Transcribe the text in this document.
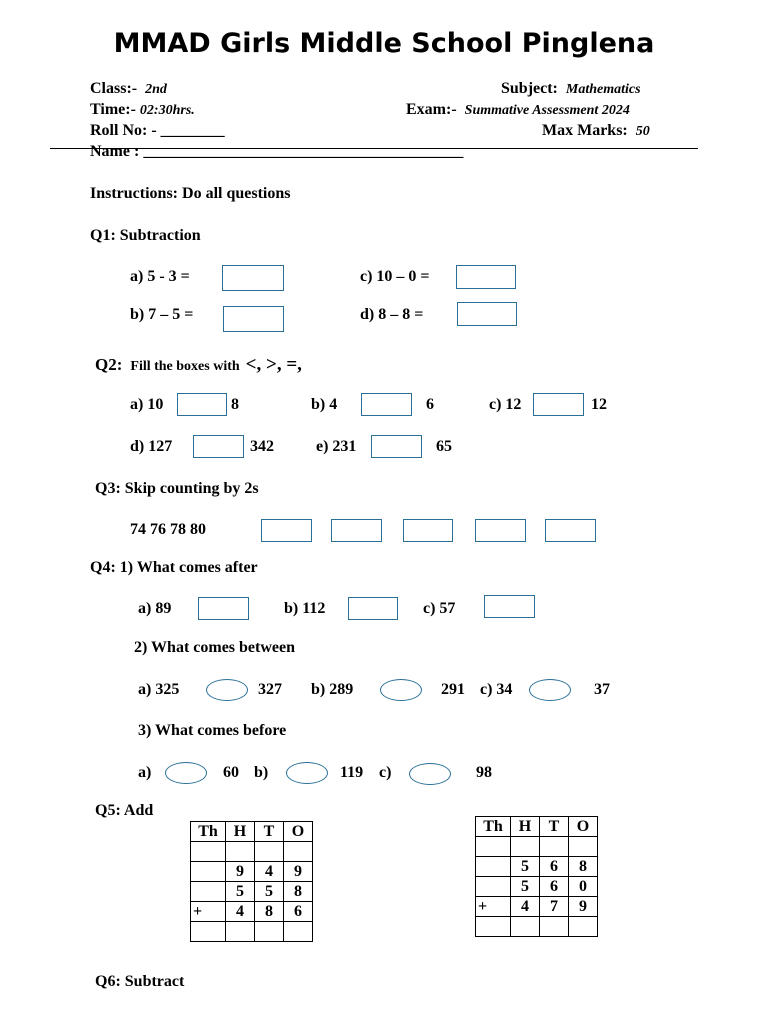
MMAD Girls Middle School Pinglena
Class:- 2nd
Time:- 02:30hrs.
Roll No: - ________
Name : ________________________________________
Subject: Mathematics
Exam:- Summative Assessment 2024
Max Marks: 50
Instructions: Do all questions
Q1: Subtraction
a) 5 - 3 =	c) 10 – 0 =
b) 7 – 5 =	d) 8 – 8 =
Q2: Fill the boxes with <, >, =,
a) 10	8	b) 4	6	c) 12	12
d) 127	342	e) 231	65
Q3: Skip counting by 2s
74 76 78 80
Q4: 1) What comes after
a) 89	b) 112	c) 57
2) What comes between
a) 325	327 b) 289	291 c) 34	37
3) What comes before
a)	60 b)	119 c)	98
Q5: Add
Th	H	T	O

	9	4	9
	5	5	8
+	4	8	6

Th	H	T	O

	5	6	8
	5	6	0
+	4	7	9

Q6: Subtract
